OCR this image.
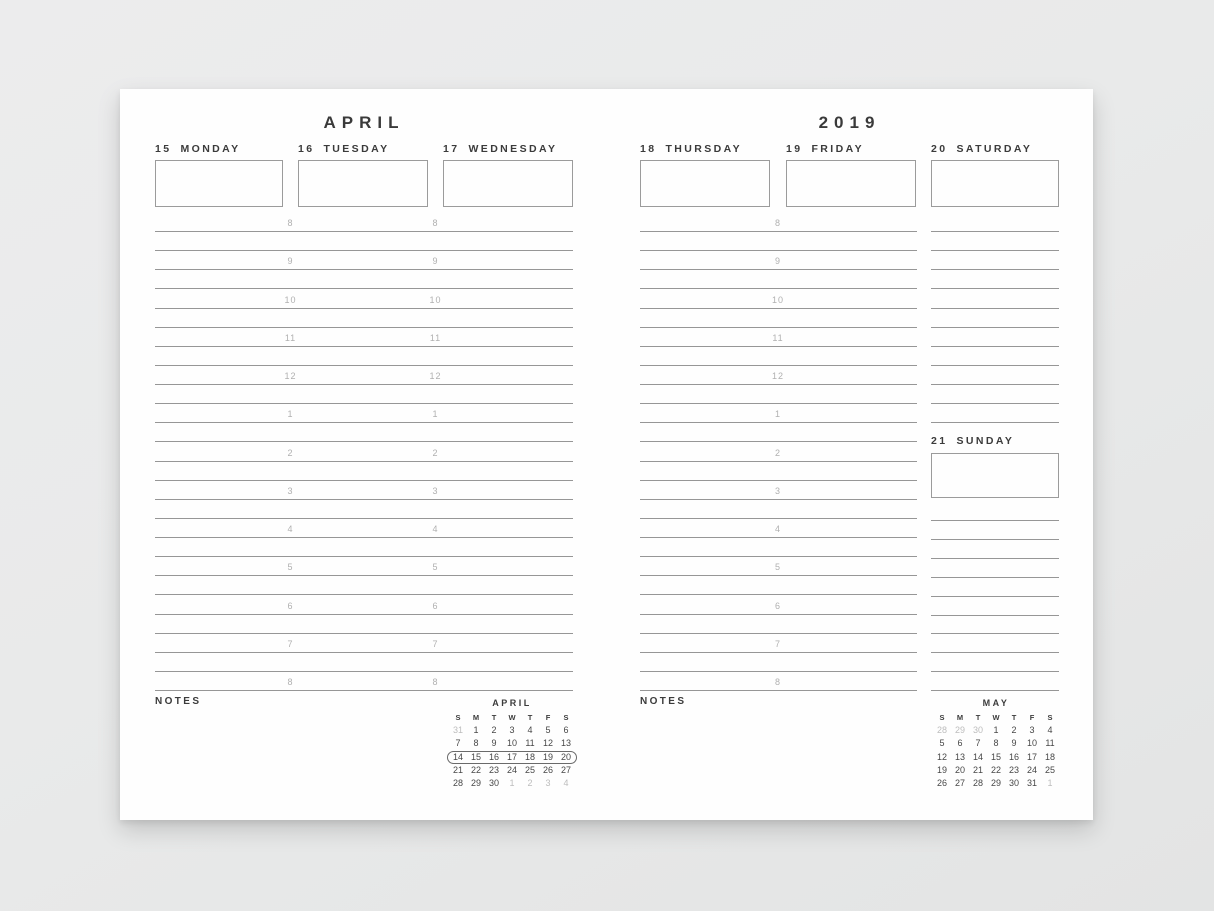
APRIL	2019
15 MONDAY	16 TUESDAY	17 WEDNESDAY	18 THURSDAY	19 FRIDAY	20 SATURDAY
21 SUNDAY
8	8	8
9	9	9
10	10	10
11	11	11
12	12	12
1	1	1
2	2	2
3	3	3
4	4	4
5	5	5
6	6	6
7	7	7
8	8	8
NOTES	NOTES
APRIL
S	M	T	W	T	F	S
31	1	2	3	4	5	6
7	8	9	10 11 12 13
14 15 16 17 18 19 20
21 22 23 24 25 26 27
28 29 30	1	2	3	4
MAY
S	M	T	W	T	F	S
28 29 30	1	2	3	4
5	6	7	8	9	10 11
12 13 14 15 16 17 18
19 20 21 22 23 24 25
26 27 28 29 30 31	1
